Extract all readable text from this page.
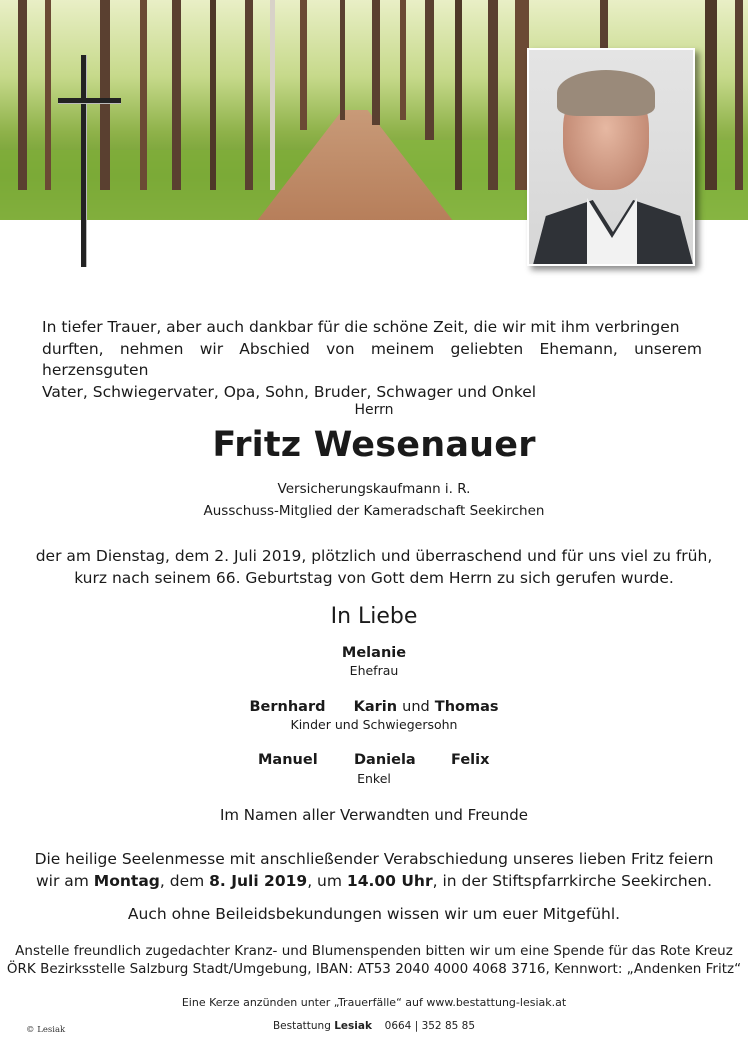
In tiefer Trauer, aber auch dankbar für die schöne Zeit, die wir mit ihm verbringen

durften, nehmen wir Abschied von meinem geliebten Ehemann, unserem herzensguten

Vater, Schwiegervater, Opa, Sohn, Bruder, Schwager und Onkel

Herrn

Fritz Wesenauer

Versicherungskaufmann i. R.

Ausschuss-Mitglied der Kameradschaft Seekirchen

der am Dienstag, dem 2. Juli 2019, plötzlich und überraschend und für uns viel zu früh,
kurz nach seinem 66. Geburtstag von Gott dem Herrn zu sich gerufen wurde.

In Liebe

Melanie
Ehefrau
Bernhard Karin und Thomas
Kinder und Schwiegersohn
Manuel	Daniela Felix

Enkel

Im Namen aller Verwandten und Freunde

Die heilige Seelenmesse mit anschließender Verabschiedung unseres lieben Fritz feiern
wir am Montag, dem 8. Juli 2019, um 14.00 Uhr, in der Stiftspfarrkirche Seekirchen.

Auch ohne Beileidsbekundungen wissen wir um euer Mitgefühl.

Anstelle freundlich zugedachter Kranz- und Blumenspenden bitten wir um eine Spende für das Rote Kreuz
ÖRK Bezirksstelle Salzburg Stadt/Umgebung, IBAN: AT53 2040 4000 4068 3716, Kennwort: „Andenken Fritz“

Eine Kerze anzünden unter „Trauerfälle“ auf www.bestattung-lesiak.at

Bestattung Lesiak 0664 | 352 85 85
© Lesiak
